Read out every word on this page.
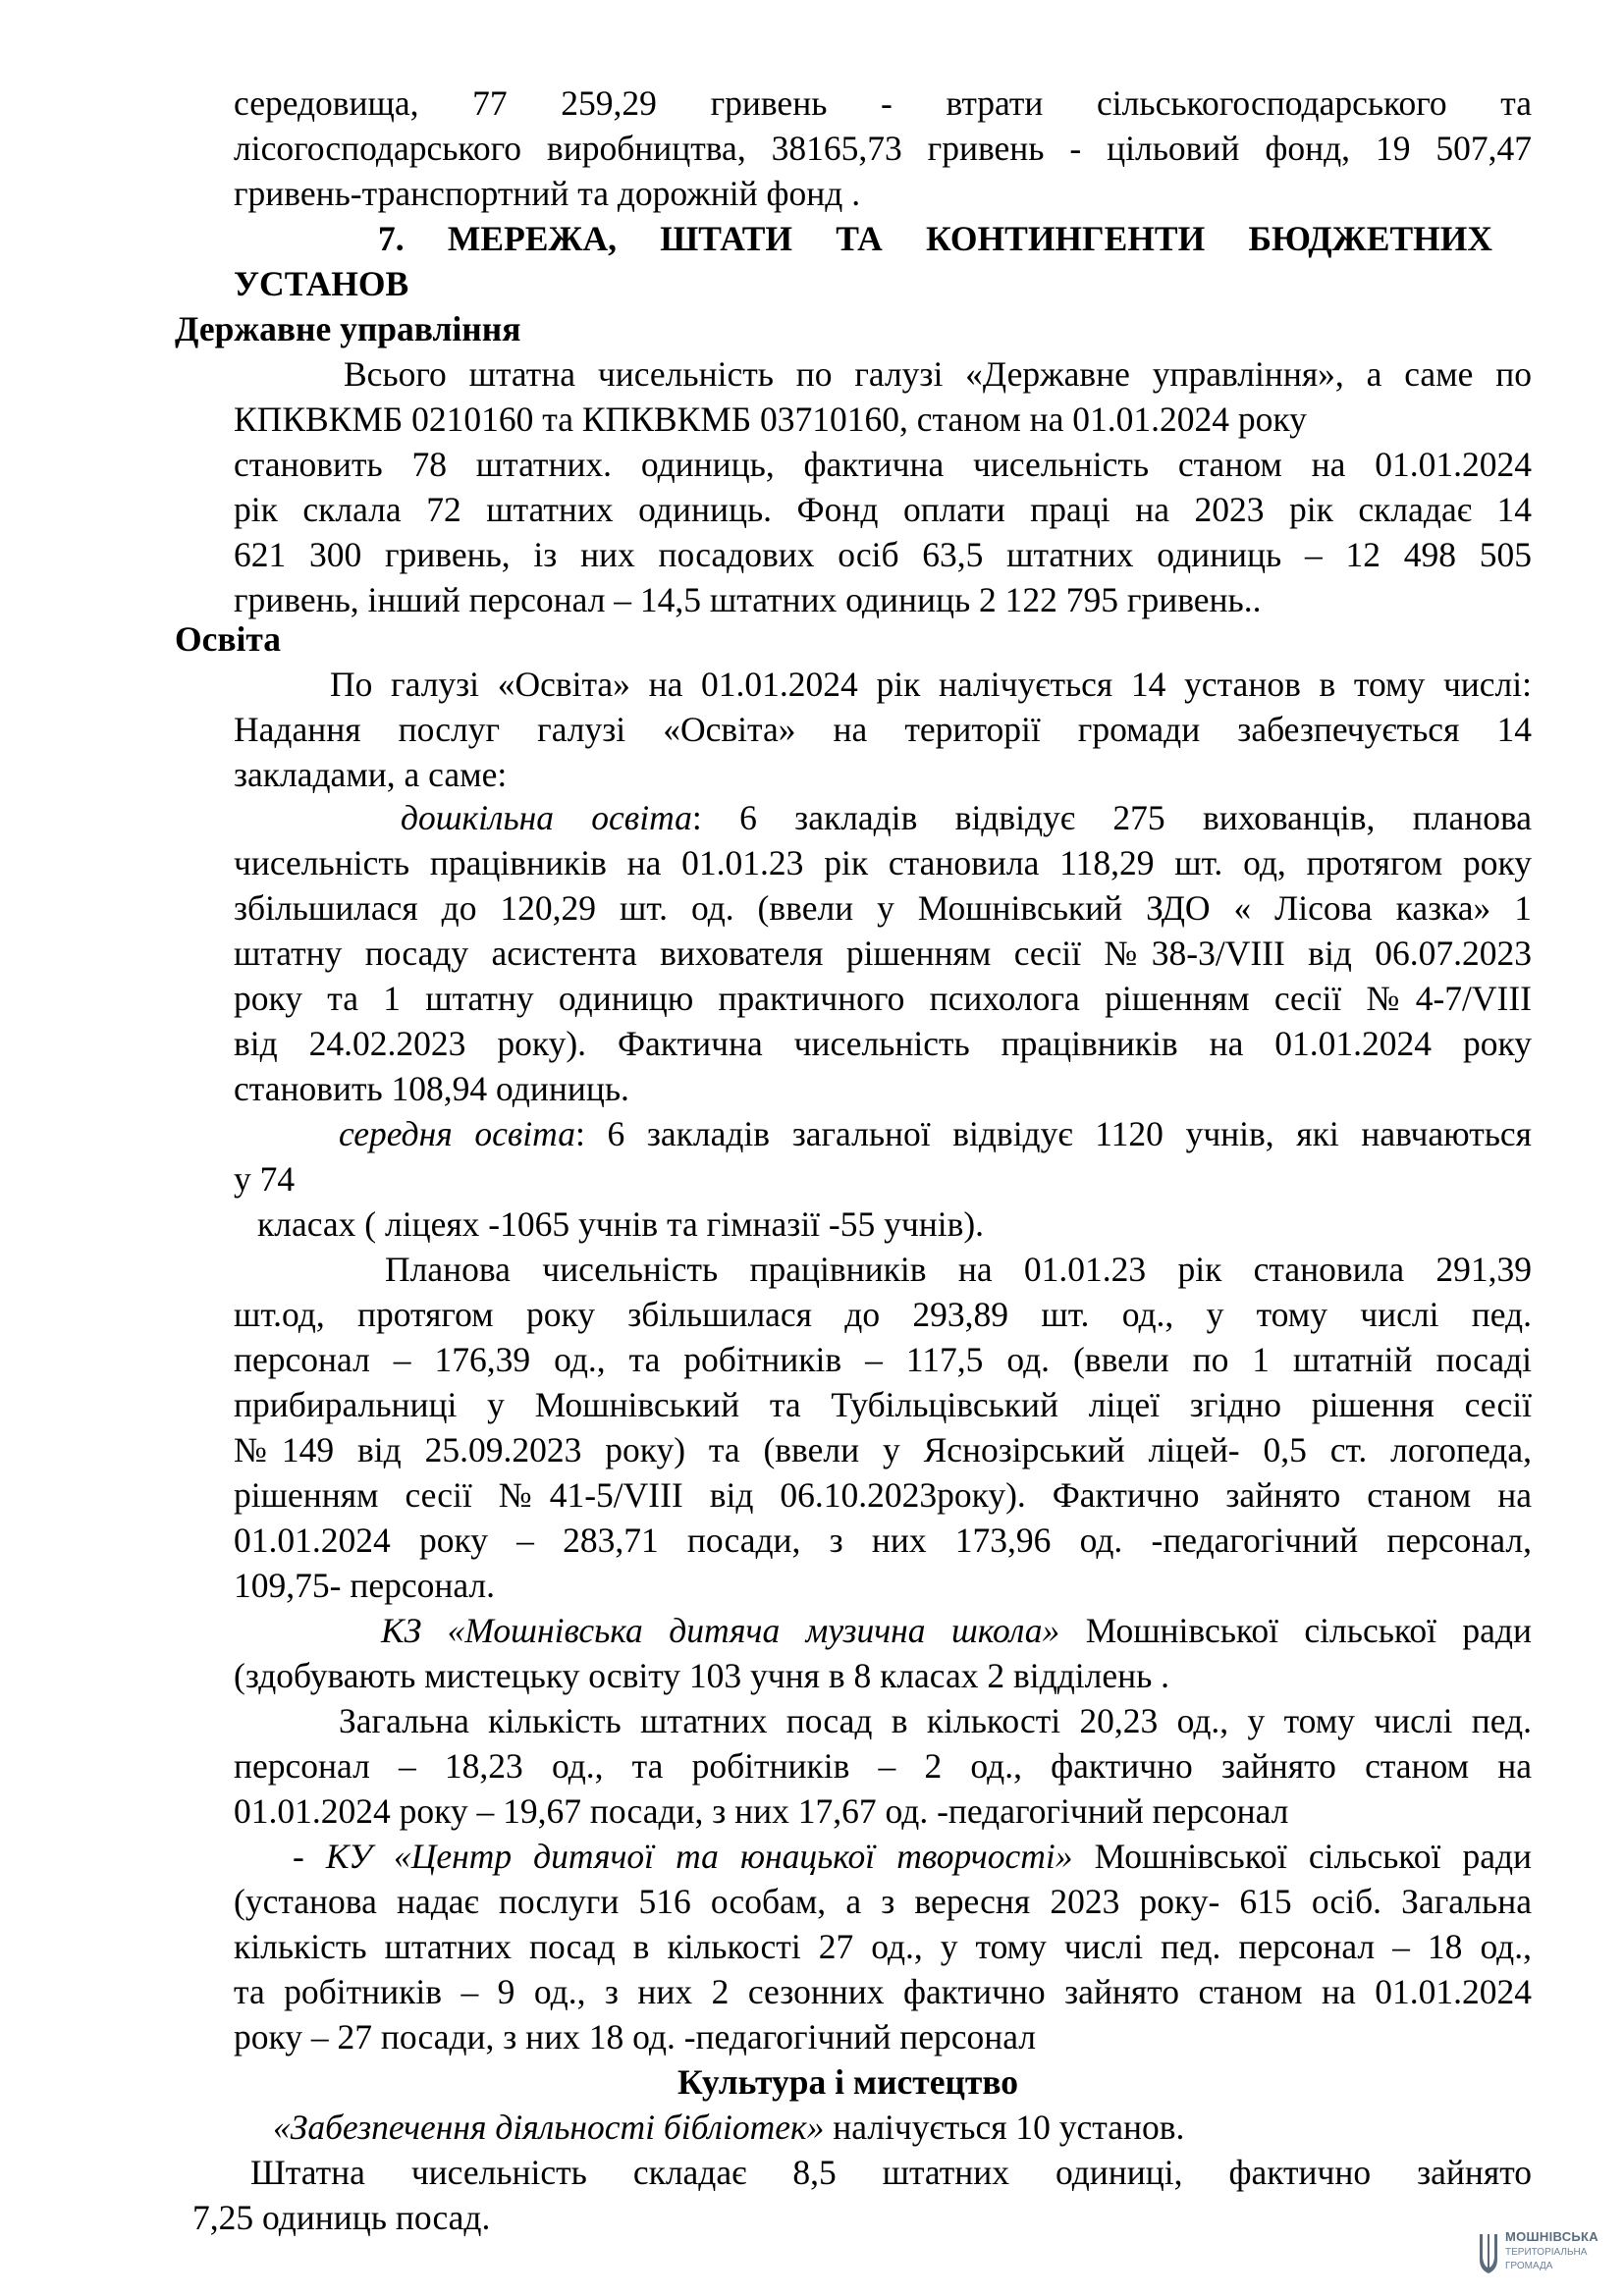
середовища, 77 259,29 гривень - втрати сільськогосподарського та
лісогосподарського виробництва, 38165,73 гривень - цільовий фонд, 19 507,47
гривень-транспортний та дорожній фонд .
7. МЕРЕЖА, ШТАТИ ТА КОНТИНГЕНТИ БЮДЖЕТНИХ
УСТАНОВ
Державне управління
Всього штатна чисельність по галузі «Державне управління», а саме по
КПКВКМБ 0210160 та КПКВКМБ 03710160, станом на 01.01.2024 року
становить 78 штатних. одиниць, фактична чисельність станом на 01.01.2024
рік склала 72 штатних одиниць. Фонд оплати праці на 2023 рік складає 14
621 300 гривень, із них посадових осіб 63,5 штатних одиниць – 12 498 505
гривень, інший персонал – 14,5 штатних одиниць 2 122 795 гривень..
Освіта
По галузі «Освіта» на 01.01.2024 рік налічується 14 установ в тому числі:
Надання послуг галузі «Освіта» на території громади забезпечується 14
закладами, а саме:
дошкільна освіта: 6 закладів відвідує 275 вихованців, планова
чисельність працівників на 01.01.23 рік становила 118,29 шт. од, протягом року
збільшилася до 120,29 шт. од. (ввели у Мошнівський ЗДО « Лісова казка» 1
штатну посаду асистента вихователя рішенням сесії №38-3/VIII від 06.07.2023
року та 1 штатну одиницю практичного психолога рішенням сесії №4-7/VIII
від 24.02.2023 року). Фактична чисельність працівників на 01.01.2024 року
становить 108,94 одиниць.
середня освіта: 6 закладів загальної відвідує 1120 учнів, які навчаються
у 74
класах ( ліцеях -1065 учнів та гімназії -55 учнів).
Планова чисельність працівників на 01.01.23 рік становила 291,39
шт.од, протягом року збільшилася до 293,89 шт. од., у тому числі пед.
персонал – 176,39 од., та робітників – 117,5 од. (ввели по 1 штатній посаді
прибиральниці у Мошнівський та Тубільцівський ліцеї згідно рішення сесії
№149 від 25.09.2023 року) та (ввели у Яснозірський ліцей- 0,5 ст. логопеда,
рішенням сесії №41-5/VIII від 06.10.2023року). Фактично зайнято станом на
01.01.2024 року – 283,71 посади, з них 173,96 од. -педагогічний персонал,
109,75- персонал.
КЗ «Мошнівська дитяча музична школа» Мошнівської сільської ради
(здобувають мистецьку освіту 103 учня в 8 класах 2 відділень .
Загальна кількість штатних посад в кількості 20,23 од., у тому числі пед.
персонал – 18,23 од., та робітників – 2 од., фактично зайнято станом на
01.01.2024 року – 19,67 посади, з них 17,67 од. -педагогічний персонал
- КУ «Центр дитячої та юнацької творчості» Мошнівської сільської ради
(установа надає послуги 516 особам, а з вересня 2023 року- 615 осіб. Загальна
кількість штатних посад в кількості 27 од., у тому числі пед. персонал – 18 од.,
та робітників – 9 од., з них 2 сезонних фактично зайнято станом на 01.01.2024
року – 27 посади, з них 18 од. -педагогічний персонал
Культура і мистецтво
«Забезпечення діяльності бібліотек» налічується 10 установ.
Штатна чисельність складає 8,5 штатних одиниці, фактично зайнято
7,25 одиниць посад.	МОШНІВСЬКА
ТЕРИТОРІАЛЬНА
ГРОМАДА
